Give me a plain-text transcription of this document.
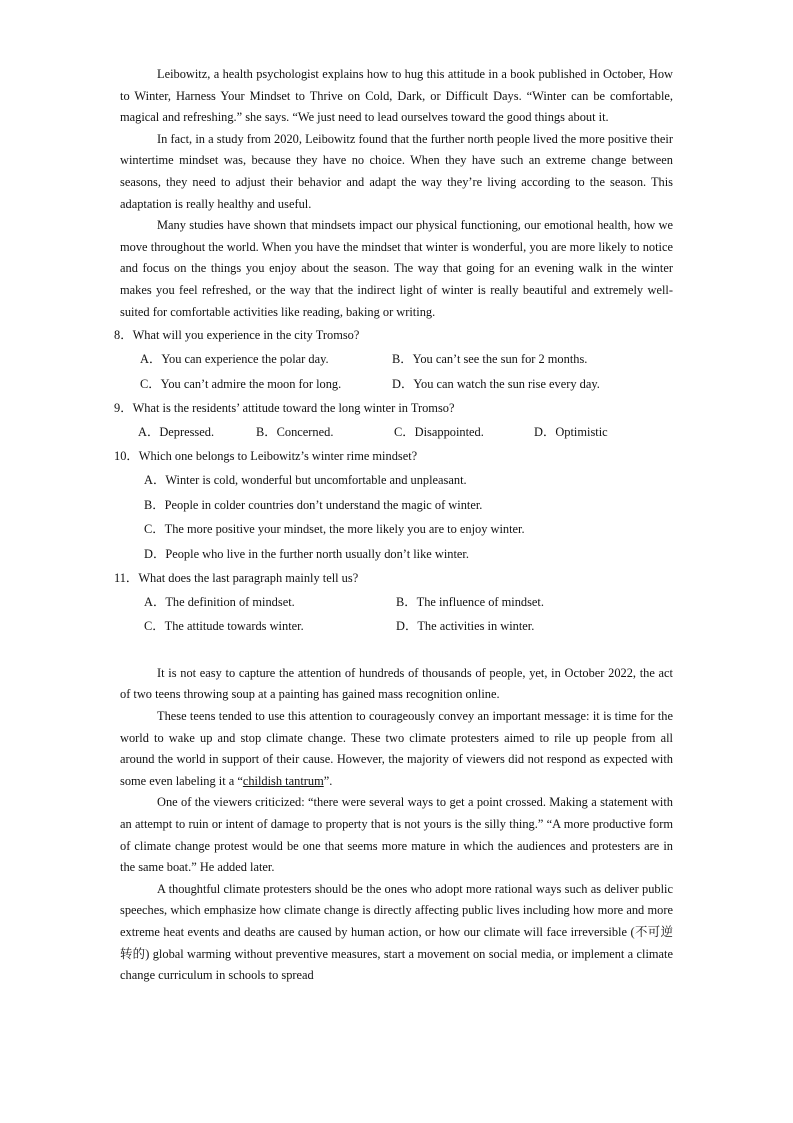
Leibowitz, a health psychologist explains how to hug this attitude in a book published in October, How to Winter, Harness Your Mindset to Thrive on Cold, Dark, or Difficult Days. “Winter can be comfortable, magical and refreshing.” she says. “We just need to lead ourselves toward the good things about it.

In fact, in a study from 2020, Leibowitz found that the further north people lived the more positive their wintertime mindset was, because they have no choice. When they have such an extreme change between seasons, they need to adjust their behavior and adapt the way they’re living according to the season. This adaptation is really healthy and useful.

Many studies have shown that mindsets impact our physical functioning, our emotional health, how we move throughout the world. When you have the mindset that winter is wonderful, you are more likely to notice and focus on the things you enjoy about the season. The way that going for an evening walk in the winter makes you feel refreshed, or the way that the indirect light of winter is really beautiful and extremely well-suited for comfortable activities like reading, baking or writing.

8．What will you experience in the city Tromso?

A．You can experience the polar day.	B．You can’t see the sun for 2 months.
C．You can’t admire the moon for long.	D．You can watch the sun rise every day.

9．What is the residents’ attitude toward the long winter in Tromso?

A．Depressed.	B．Concerned.	C．Disappointed.	D．Optimistic

10．Which one belongs to Leibowitz’s winter rime mindset?

A． Winter is cold, wonderful but uncomfortable and unpleasant.
B． People in colder countries don’t understand the magic of winter.
C． The more positive your mindset, the more likely you are to enjoy winter.
D． People who live in the further north usually don’t like winter.

11．What does the last paragraph mainly tell us?

A．The definition of mindset.	B．The influence of mindset.
C．The attitude towards winter.	D．The activities in winter.

It is not easy to capture the attention of hundreds of thousands of people, yet, in October 2022, the act of two teens throwing soup at a painting has gained mass recognition online.

These teens tended to use this attention to courageously convey an important message: it is time for the world to wake up and stop climate change. These two climate protesters aimed to rile up people from all around the world in support of their cause. However, the majority of viewers did not respond as expected with some even labeling it a “childish tantrum”.

One of the viewers criticized: “there were several ways to get a point crossed. Making a statement with an attempt to ruin or intent of damage to property that is not yours is the silly thing.” “A more productive form of climate change protest would be one that seems more mature in which the audiences and protesters are in the same boat.” He added later.

A thoughtful climate protesters should be the ones who adopt more rational ways such as deliver public speeches, which emphasize how climate change is directly affecting public lives including how more and more extreme heat events and deaths are caused by human action, or how our climate will face irreversible (不可逆转的) global warming without preventive measures, start a movement on social media, or implement a climate change curriculum in schools to spread
